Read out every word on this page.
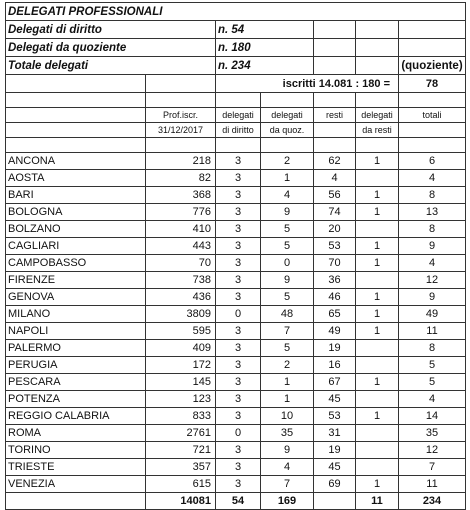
DELEGATI PROFESSIONALI						
Delegati di diritto		n. 54				
Delegati da quoziente		n. 180				
Totale delegati		n. 234				(quoziente)
		iscritti 14.081 : 180 =				78

	Prof.iscr.	delegati	delegati	resti	delegati	totali
	31/12/2017	di diritto	da quoz.		da resti	

ANCONA	218	3	2	62	1	6
AOSTA	82	3	1	4		4
BARI	368	3	4	56	1	8
BOLOGNA	776	3	9	74	1	13
BOLZANO	410	3	5	20		8
CAGLIARI	443	3	5	53	1	9
CAMPOBASSO	70	3	0	70	1	4
FIRENZE	738	3	9	36		12
GENOVA	436	3	5	46	1	9
MILANO	3809	0	48	65	1	49
NAPOLI	595	3	7	49	1	11
PALERMO	409	3	5	19		8
PERUGIA	172	3	2	16		5
PESCARA	145	3	1	67	1	5
POTENZA	123	3	1	45		4
REGGIO CALABRIA	833	3	10	53	1	14
ROMA	2761	0	35	31		35
TORINO	721	3	9	19		12
TRIESTE	357	3	4	45		7
VENEZIA	615	3	7	69	1	11
	14081	54	169		11	234
